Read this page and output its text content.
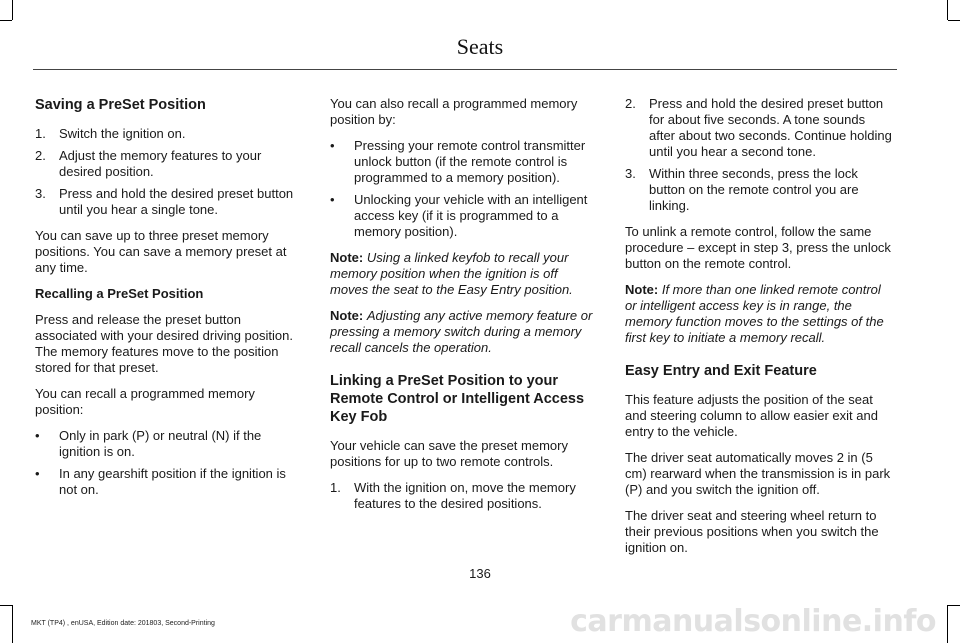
Seats
Saving a PreSet Position
1.	Switch the ignition on.
2.	Adjust the memory features to your desired position.
3.	Press and hold the desired preset button until you hear a single tone.

You can save up to three preset memory positions. You can save a memory preset at any time.

Recalling a PreSet Position

Press and release the preset button associated with your desired driving position. The memory features move to the position stored for that preset.

You can recall a programmed memory position:

•	Only in park (P) or neutral (N) if the ignition is on.
•	In any gearshift position if the ignition is not on.

You can also recall a programmed memory position by:

•	Pressing your remote control transmitter unlock button (if the remote control is programmed to a memory position).
•	Unlocking your vehicle with an intelligent access key (if it is programmed to a memory position).

Note: Using a linked keyfob to recall your memory position when the ignition is off moves the seat to the Easy Entry position.

Note: Adjusting any active memory feature or pressing a memory switch during a memory recall cancels the operation.

Linking a PreSet Position to your Remote Control or Intelligent Access Key Fob

Your vehicle can save the preset memory positions for up to two remote controls.

1.	With the ignition on, move the memory features to the desired positions.
2.	Press and hold the desired preset button for about five seconds. A tone sounds after about two seconds. Continue holding until you hear a second tone.
3.	Within three seconds, press the lock button on the remote control you are linking.

To unlink a remote control, follow the same procedure – except in step 3, press the unlock button on the remote control.

Note: If more than one linked remote control or intelligent access key is in range, the memory function moves to the settings of the first key to initiate a memory recall.

Easy Entry and Exit Feature

This feature adjusts the position of the seat and steering column to allow easier exit and entry to the vehicle.

The driver seat automatically moves 2 in (5 cm) rearward when the transmission is in park (P) and you switch the ignition off.

The driver seat and steering wheel return to their previous positions when you switch the ignition on.

136
MKT (TP4) , enUSA, Edition date: 201803, Second-Printing	carmanualsonline.info
